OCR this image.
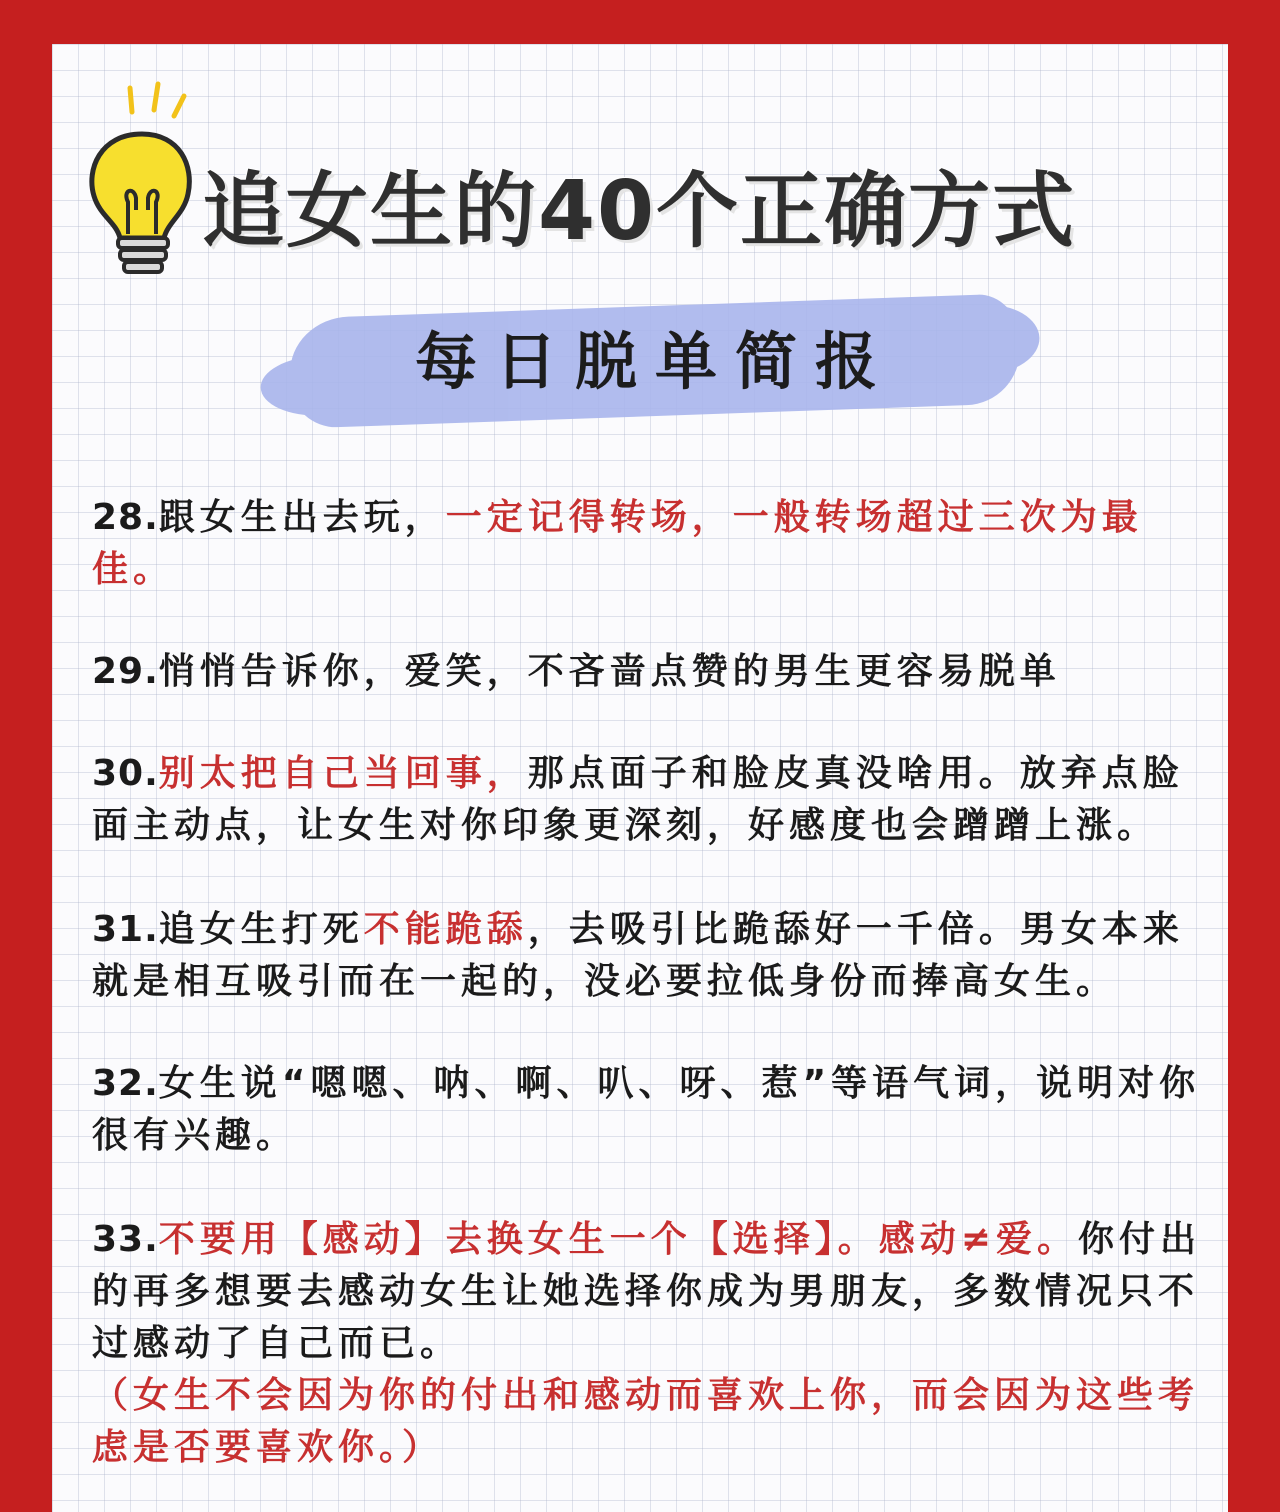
追女生的40个正确方式
每日脱单简报
28.跟女生出去玩，一定记得转场，一般转场超过三次为最佳。
29.悄悄告诉你，爱笑，不吝啬点赞的男生更容易脱单
30.别太把自己当回事，那点面子和脸皮真没啥用。放弃点脸面主动点，让女生对你印象更深刻，好感度也会蹭蹭上涨。
31.追女生打死不能跪舔，去吸引比跪舔好一千倍。男女本来就是相互吸引而在一起的，没必要拉低身份而捧高女生。
32.女生说“嗯嗯、呐、啊、叭、呀、惹”等语气词，说明对你很有兴趣。
33.不要用【感动】去换女生一个【选择】。感动≠爱。你付出的再多想要去感动女生让她选择你成为男朋友，多数情况只不过感动了自己而已。
（女生不会因为你的付出和感动而喜欢上你，而会因为这些考虑是否要喜欢你。）
